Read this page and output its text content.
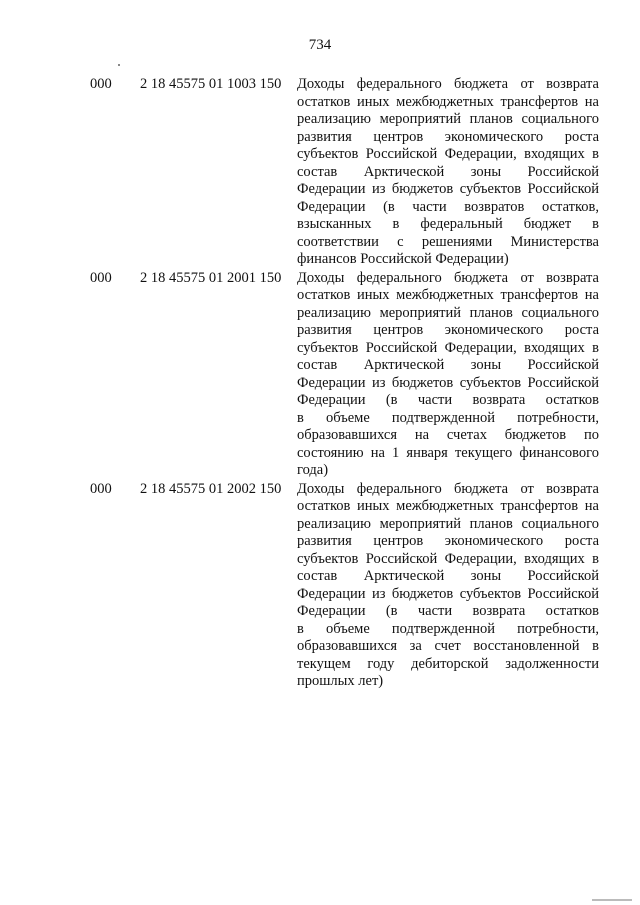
734
000 2 18 45575 01 1003 150 Доходы федерального бюджета от возврата
остатков иных межбюджетных трансфертов на
реализацию мероприятий планов социального
развития центров экономического роста
субъектов Российской Федерации, входящих в
состав Арктической зоны Российской
Федерации из бюджетов субъектов Российской
Федерации (в части возвратов остатков,
взысканных в федеральный бюджет в
соответствии с решениями Министерства
финансов Российской Федерации)
000 2 18 45575 01 2001 150 Доходы федерального бюджета от возврата
остатков иных межбюджетных трансфертов на
реализацию мероприятий планов социального
развития центров экономического роста
субъектов Российской Федерации, входящих в
состав Арктической зоны Российской
Федерации из бюджетов субъектов Российской
Федерации (в части возврата остатков
в объеме подтвержденной потребности,
образовавшихся на счетах бюджетов по
состоянию на 1 января текущего финансового
года)
000 2 18 45575 01 2002 150 Доходы федерального бюджета от возврата
остатков иных межбюджетных трансфертов на
реализацию мероприятий планов социального
развития центров экономического роста
субъектов Российской Федерации, входящих в
состав Арктической зоны Российской
Федерации из бюджетов субъектов Российской
Федерации (в части возврата остатков
в объеме подтвержденной потребности,
образовавшихся за счет восстановленной в
текущем году дебиторской задолженности
прошлых лет)
